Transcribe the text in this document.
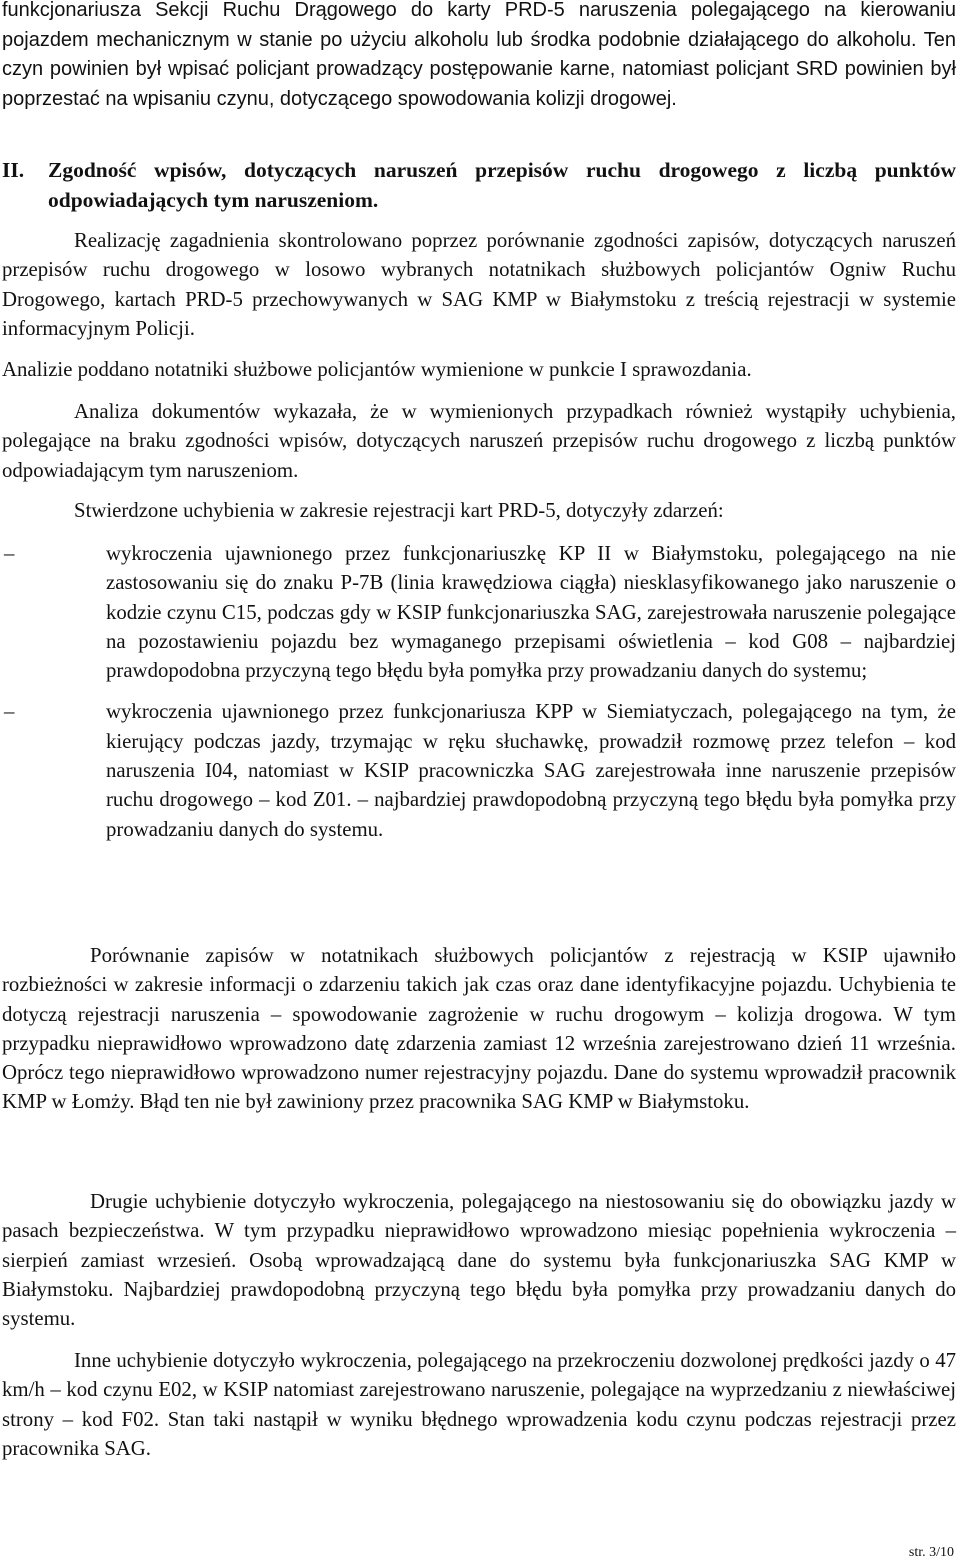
funkcjonariusza Sekcji Ruchu Drągowego do karty PRD-5 naruszenia polegającego na kierowaniu pojazdem mechanicznym w stanie po użyciu alkoholu lub środka podobnie działającego do alkoholu. Ten czyn powinien był wpisać policjant prowadzący postępowanie karne, natomiast policjant SRD powinien był poprzestać na wpisaniu czynu, dotyczącego spowodowania kolizji drogowej.

II.	Zgodność wpisów, dotyczących naruszeń przepisów ruchu drogowego z liczbą punktów odpowiadających tym naruszeniom.

Realizację zagadnienia skontrolowano poprzez porównanie zgodności zapisów, dotyczących naruszeń przepisów ruchu drogowego w losowo wybranych notatnikach służbowych policjantów Ogniw Ruchu Drogowego, kartach PRD-5 przechowywanych w SAG KMP w Białymstoku z treścią rejestracji w systemie informacyjnym Policji.

Analizie poddano notatniki służbowe policjantów wymienione w punkcie I sprawozdania.

Analiza dokumentów wykazała, że w wymienionych przypadkach również wystąpiły uchybienia, polegające na braku zgodności wpisów, dotyczących naruszeń przepisów ruchu drogowego z liczbą punktów odpowiadającym tym naruszeniom.

Stwierdzone uchybienia w zakresie rejestracji kart PRD-5, dotyczyły zdarzeń:

–	wykroczenia ujawnionego przez funkcjonariuszkę KP II w Białymstoku, polegającego na nie zastosowaniu się do znaku P-7B (linia krawędziowa ciągła) niesklasyfikowanego jako naruszenie o kodzie czynu C15, podczas gdy w KSIP funkcjonariuszka SAG, zarejestrowała naruszenie polegające na pozostawieniu pojazdu bez wymaganego przepisami oświetlenia – kod G08 – najbardziej prawdopodobna przyczyną tego błędu była pomyłka przy prowadzaniu danych do systemu;
–	wykroczenia ujawnionego przez funkcjonariusza KPP w Siemiatyczach, polegającego na tym, że kierujący podczas jazdy, trzymając w ręku słuchawkę, prowadził rozmowę przez telefon – kod naruszenia I04, natomiast w KSIP pracowniczka SAG zarejestrowała inne naruszenie przepisów ruchu drogowego – kod Z01. – najbardziej prawdopodobną przyczyną tego błędu była pomyłka przy prowadzaniu danych do systemu.

Porównanie zapisów w notatnikach służbowych policjantów z rejestracją w KSIP ujawniło rozbieżności w zakresie informacji o zdarzeniu takich jak czas oraz dane identyfikacyjne pojazdu. Uchybienia te dotyczą rejestracji naruszenia – spowodowanie zagrożenie w ruchu drogowym – kolizja drogowa. W tym przypadku nieprawidłowo wprowadzono datę zdarzenia zamiast 12 września zarejestrowano dzień 11 września. Oprócz tego nieprawidłowo wprowadzono numer rejestracyjny pojazdu. Dane do systemu wprowadził pracownik KMP w Łomży. Błąd ten nie był zawiniony przez pracownika SAG KMP w Białymstoku.

Drugie uchybienie dotyczyło wykroczenia, polegającego na niestosowaniu się do obowiązku jazdy w pasach bezpieczeństwa. W tym przypadku nieprawidłowo wprowadzono miesiąc popełnienia wykroczenia –sierpień zamiast wrzesień. Osobą wprowadzającą dane do systemu była funkcjonariuszka SAG KMP w Białymstoku. Najbardziej prawdopodobną przyczyną tego błędu była pomyłka przy prowadzaniu danych do systemu.

Inne uchybienie dotyczyło wykroczenia, polegającego na przekroczeniu dozwolonej prędkości jazdy o 47 km/h – kod czynu E02, w KSIP natomiast zarejestrowano naruszenie, polegające na wyprzedzaniu z niewłaściwej strony – kod F02. Stan taki nastąpił w wyniku błędnego wprowadzenia kodu czynu podczas rejestracji przez pracownika SAG.

str. 3/10
